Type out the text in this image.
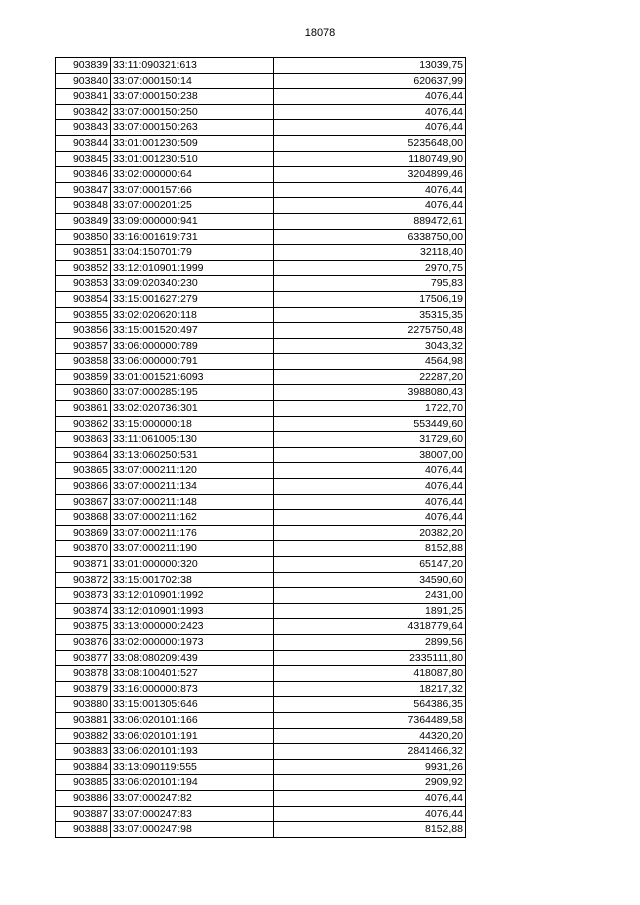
18078
903839	33:11:090321:613	13039,75
903840	33:07:000150:14	620637,99
903841	33:07:000150:238	4076,44
903842	33:07:000150:250	4076,44
903843	33:07:000150:263	4076,44
903844	33:01:001230:509	5235648,00
903845	33:01:001230:510	1180749,90
903846	33:02:000000:64	3204899,46
903847	33:07:000157:66	4076,44
903848	33:07:000201:25	4076,44
903849	33:09:000000:941	889472,61
903850	33:16:001619:731	6338750,00
903851	33:04:150701:79	32118,40
903852	33:12:010901:1999	2970,75
903853	33:09:020340:230	795,83
903854	33:15:001627:279	17506,19
903855	33:02:020620:118	35315,35
903856	33:15:001520:497	2275750,48
903857	33:06:000000:789	3043,32
903858	33:06:000000:791	4564,98
903859	33:01:001521:6093	22287,20
903860	33:07:000285:195	3988080,43
903861	33:02:020736:301	1722,70
903862	33:15:000000:18	553449,60
903863	33:11:061005:130	31729,60
903864	33:13:060250:531	38007,00
903865	33:07:000211:120	4076,44
903866	33:07:000211:134	4076,44
903867	33:07:000211:148	4076,44
903868	33:07:000211:162	4076,44
903869	33:07:000211:176	20382,20
903870	33:07:000211:190	8152,88
903871	33:01:000000:320	65147,20
903872	33:15:001702:38	34590,60
903873	33:12:010901:1992	2431,00
903874	33:12:010901:1993	1891,25
903875	33:13:000000:2423	4318779,64
903876	33:02:000000:1973	2899,56
903877	33:08:080209:439	2335111,80
903878	33:08:100401:527	418087,80
903879	33:16:000000:873	18217,32
903880	33:15:001305:646	564386,35
903881	33:06:020101:166	7364489,58
903882	33:06:020101:191	44320,20
903883	33:06:020101:193	2841466,32
903884	33:13:090119:555	9931,26
903885	33:06:020101:194	2909,92
903886	33:07:000247:82	4076,44
903887	33:07:000247:83	4076,44
903888	33:07:000247:98	8152,88
